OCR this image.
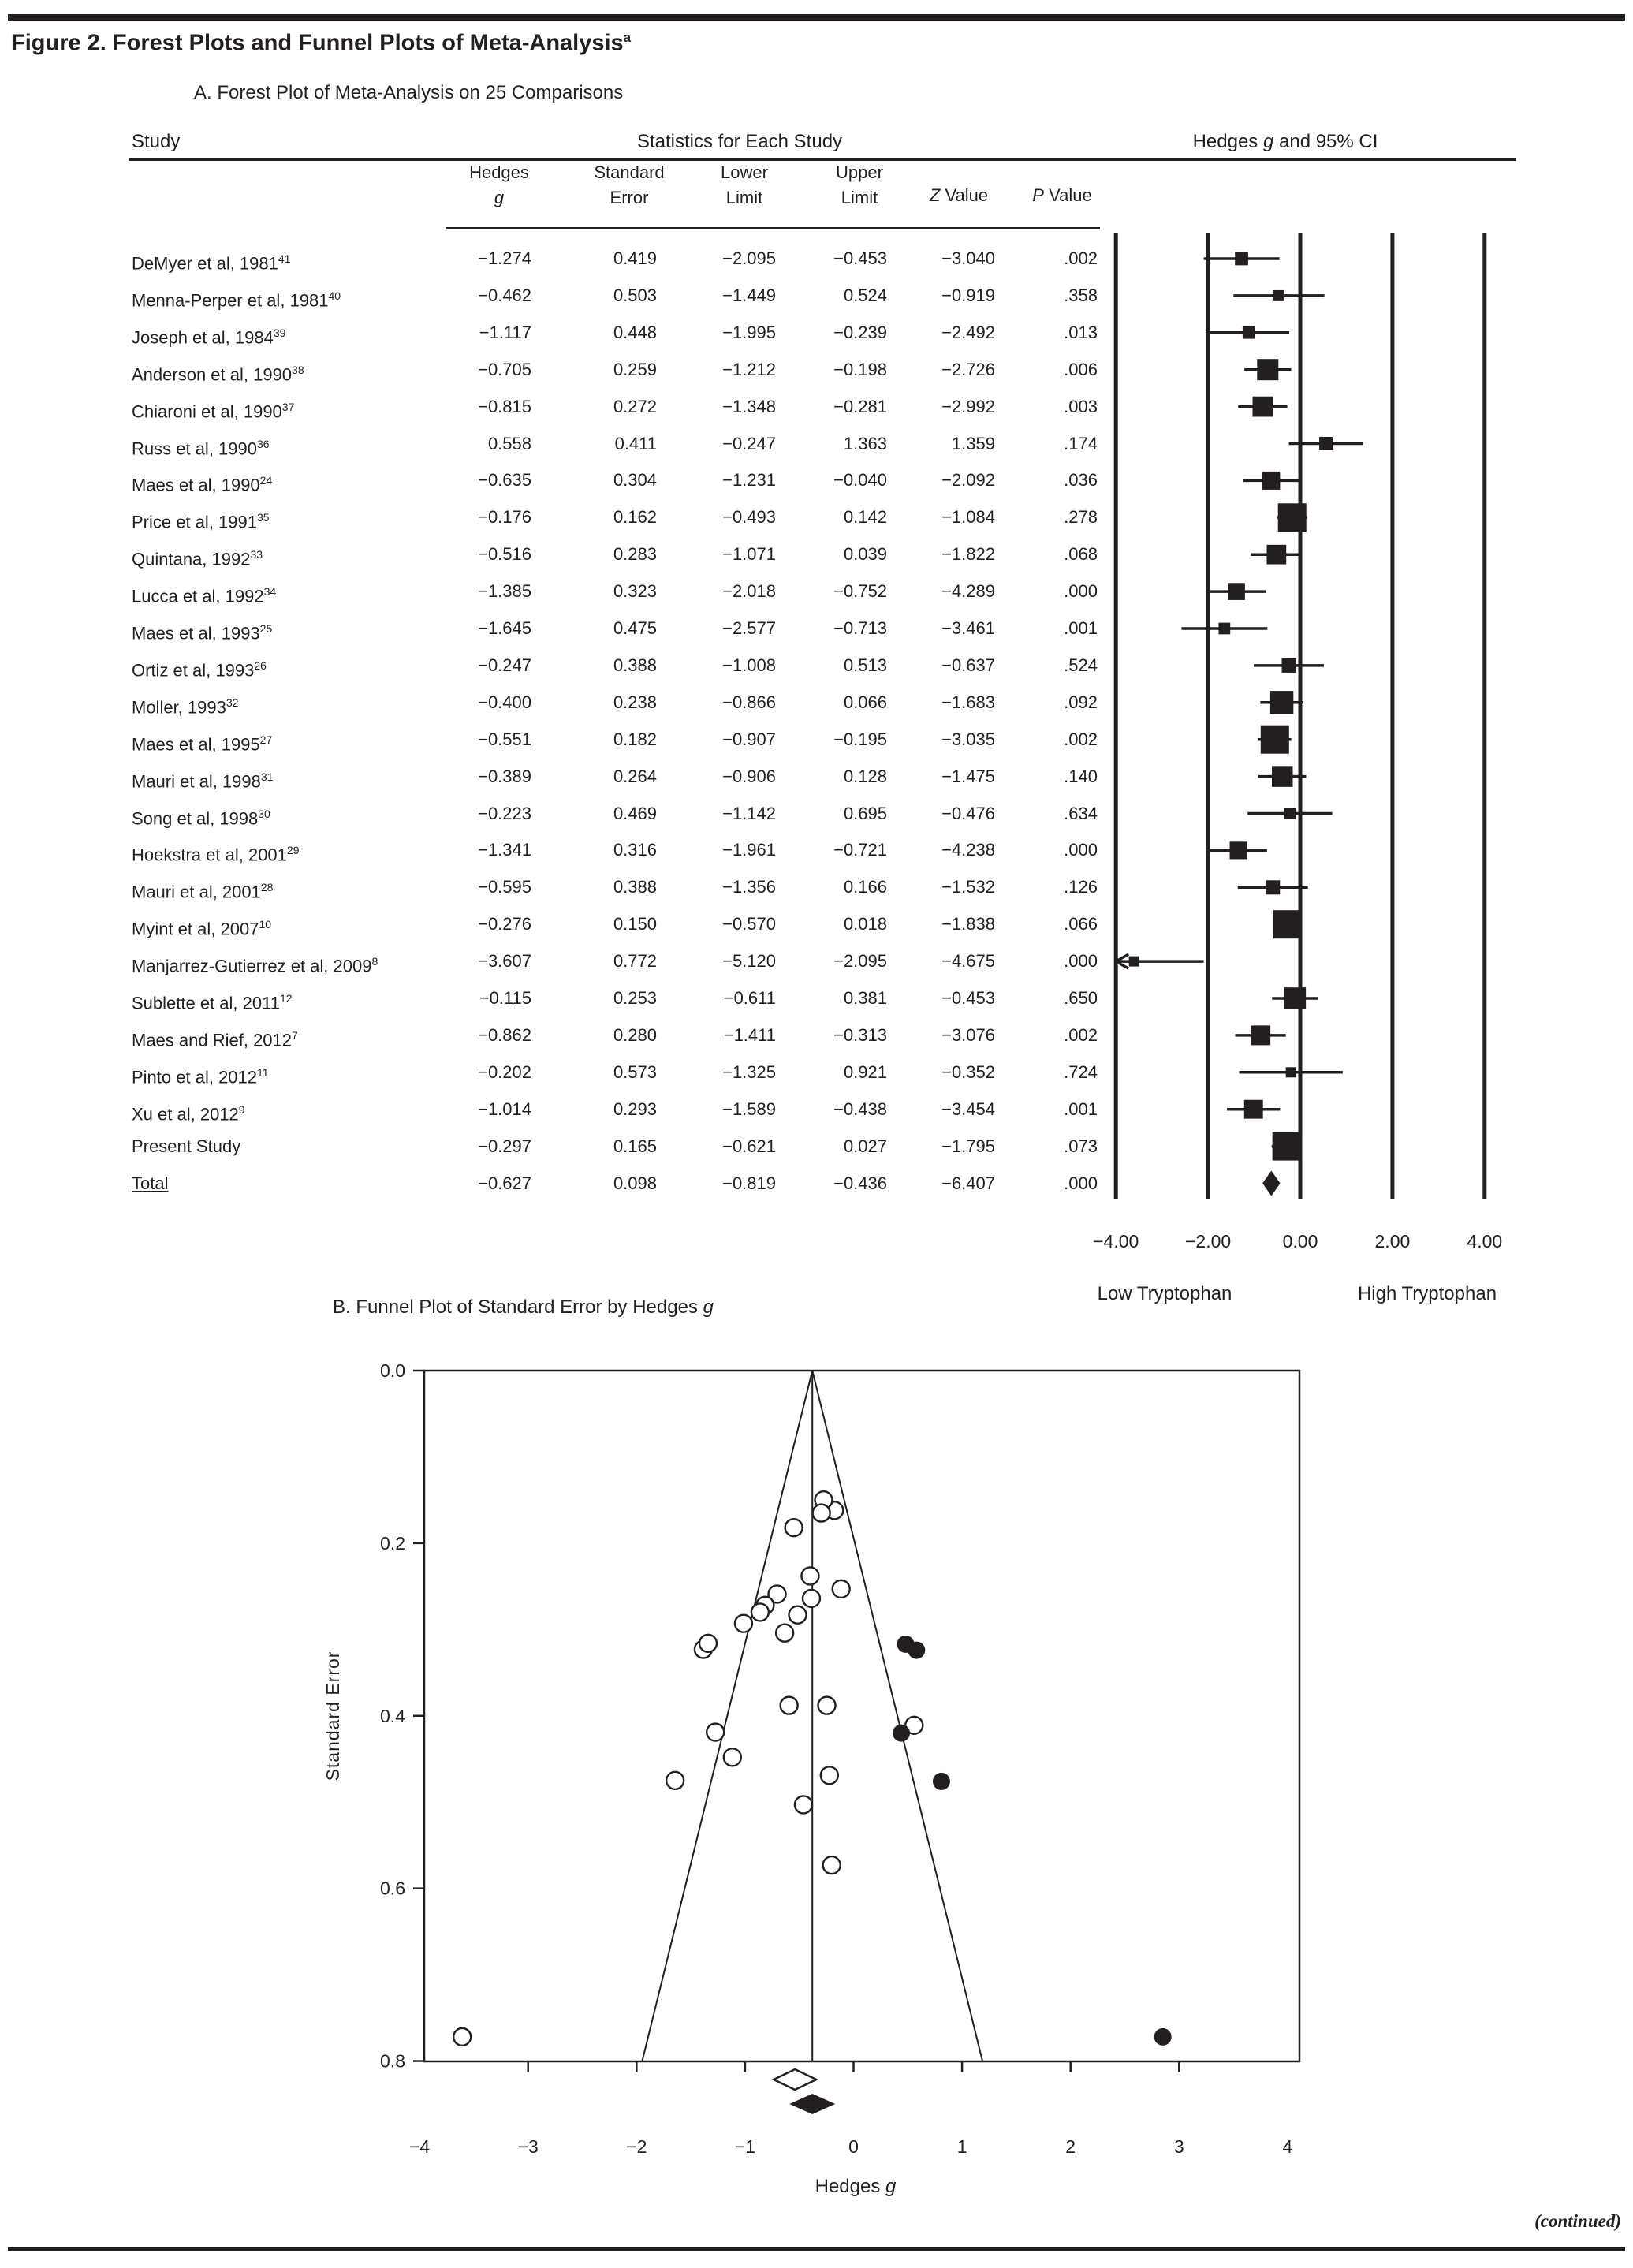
Figure 2. Forest Plots and Funnel Plots of Meta-Analysis$^a$
A. Forest Plot of Meta-Analysis on 25 Comparisons
Study	Statistics for Each Study	Hedges g and 95% CI
Hedges
g
Standard
Error
Lower
Limit
Upper
Limit	Z Value	P Value
DeMyer et al, $1981^{41}$	−1.274	0.419	−2.095	−0.453	−3.040	.002
Menna-Perper et al, $1981^{40}$	−0.462	0.503	−1.449	0.524	−0.919	.358
Joseph et al, $1984^{39}$	−1.117	0.448	−1.995	−0.239	−2.492	.013
Anderson et al, $1990^{38}$	−0.705	0.259	−1.212	−0.198	−2.726	.006
Chiaroni et al, $1990^{37}$	−0.815	0.272	−1.348	−0.281	−2.992	.003
Russ et al, 1990$^{36}$	0.558	0.411	−0.247	1.363	1.359	.174
Maes et al, $1990^{24}$	−0.635	0.304	−1.231	−0.040	−2.092	.036
Price et al, $1991^{35}$	−0.176	0.162	−0.493	0.142	−1.084	.278
Quintana, $1992^{33}$	−0.516	0.283	−1.071	0.039	−1.822	.068
Lucca et al, $1992^{34}$	−1.385	0.323	−2.018	−0.752	−4.289	.000
Maes et al, $1993^{25}$	−1.645	0.475	−2.577	−0.713	−3.461	.001
Ortiz et al, $1993^{26}$	−0.247	0.388	−1.008	0.513	−0.637	.524
Moller, $1993^{32}$	−0.400	0.238	−0.866	0.066	−1.683	.092
Maes et al, $1995^{27}$	−0.551	0.182	−0.907	−0.195	−3.035	.002
Mauri et al, $1998^{31}$	−0.389	0.264	−0.906	0.128	−1.475	.140
Song et al, $1998^{30}$	−0.223	0.469	−1.142	0.695	−0.476	.634
Hoekstra et al, $2001^{29}$	−1.341	0.316	−1.961	−0.721	−4.238	.000
Mauri et al, $2001^{28}$	−0.595	0.388	−1.356	0.166	−1.532	.126
Myint et al, $2007^{10}$	−0.276	0.150	−0.570	0.018	−1.838	.066
Manjarrez-Gutierrez et al, $2009^8$	−3.607	0.772	−5.120	−2.095	−4.675	.000
Sublette et al, $2011^{12}$	−0.115	0.253	−0.611	0.381	−0.453	.650
Maes and Rief, $2012^7$	−0.862	0.280	−1.411	−0.313	−3.076	.002
Pinto et al, $2012^{11}$	−0.202	0.573	−1.325	0.921	−0.352	.724
Xu et al, $2012^9$	−1.014	0.293	−1.589	−0.438	−3.454	.001
Present Study	−0.297	0.165	−0.621	0.027	−1.795	.073
Total	−0.627	0.098	−0.819	−0.436	−6.407	.000
−4.00	−2.00	0.00	2.00	4.00
Low Tryptophan	High Tryptophan
B. Funnel Plot of Standard Error by Hedges g
0.0
0.2
0.4
0.6
0.8
−4	−3	−2	−1	0	1	2	3	4
Standard Error
Hedges g
(continued)
